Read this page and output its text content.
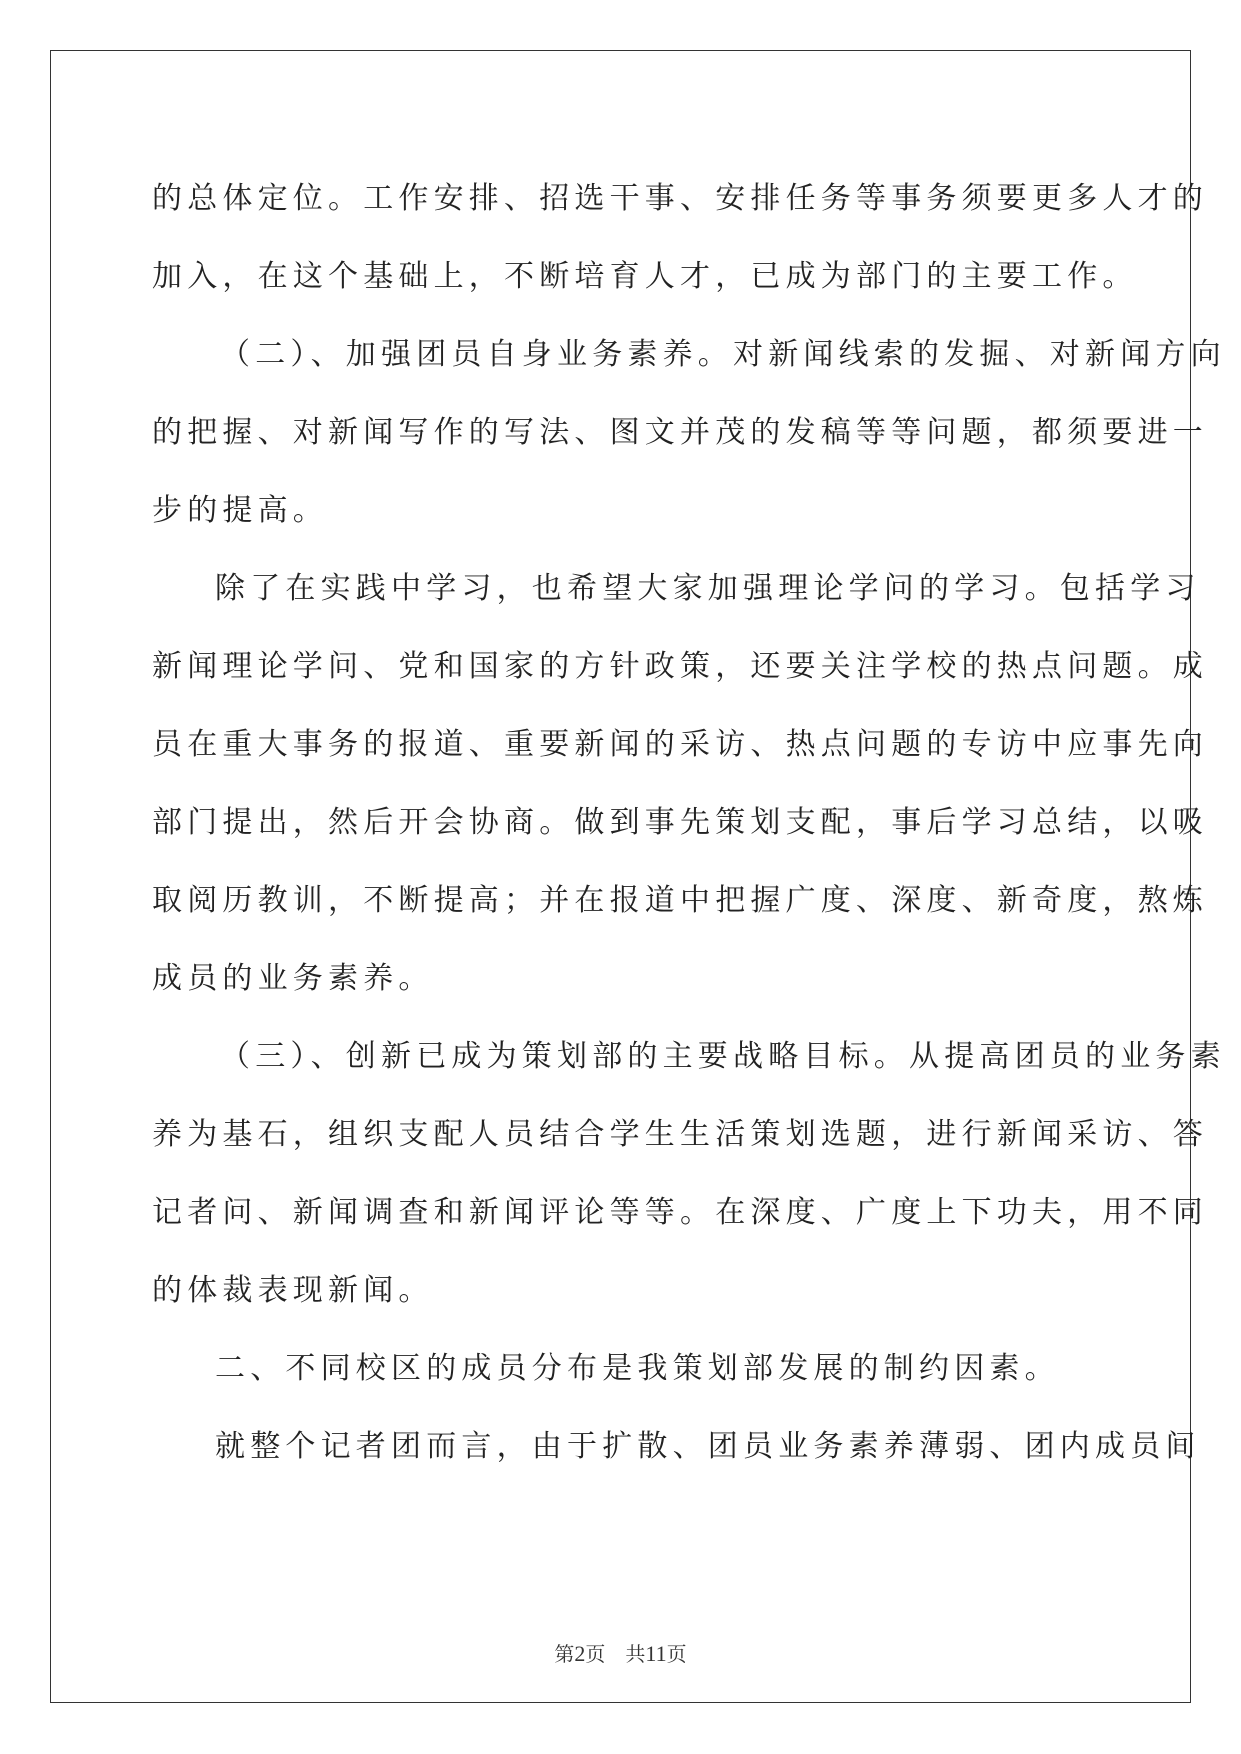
的总体定位。工作安排、招选干事、安排任务等事务须要更多人才的
加入，在这个基础上，不断培育人才，已成为部门的主要工作。
（二）、加强团员自身业务素养。对新闻线索的发掘、对新闻方向
的把握、对新闻写作的写法、图文并茂的发稿等等问题，都须要进一
步的提高。
除了在实践中学习，也希望大家加强理论学问的学习。包括学习
新闻理论学问、党和国家的方针政策，还要关注学校的热点问题。成
员在重大事务的报道、重要新闻的采访、热点问题的专访中应事先向
部门提出，然后开会协商。做到事先策划支配，事后学习总结，以吸
取阅历教训，不断提高；并在报道中把握广度、深度、新奇度，熬炼
成员的业务素养。
（三）、创新已成为策划部的主要战略目标。从提高团员的业务素
养为基石，组织支配人员结合学生生活策划选题，进行新闻采访、答
记者问、新闻调查和新闻评论等等。在深度、广度上下功夫，用不同
的体裁表现新闻。
二、不同校区的成员分布是我策划部发展的制约因素。
就整个记者团而言，由于扩散、团员业务素养薄弱、团内成员间
第2页　共11页
